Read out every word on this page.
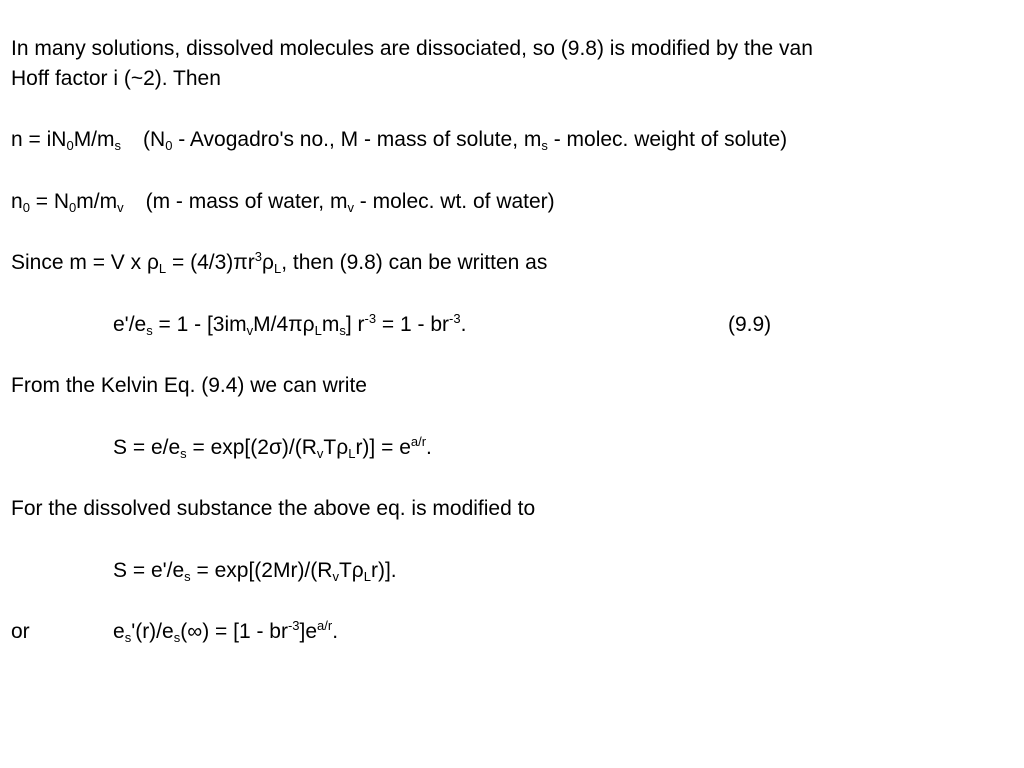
In many solutions, dissolved molecules are dissociated, so (9.8) is modified by the van
Hoff factor i (~2). Then
$n = iN_0M/m_s$ ($N_0$ - Avogadro's no., M - mass of solute, $m_s$ - molec. weight of solute)
$n_0 = N_0m/m_v$ (m - mass of water, $m_v$ - molec. wt. of water)
Since m = V x $\rho_L = (4/3)\pi r^3\rho_L$, then (9.8) can be written as
$e'/e_s = 1 - [3im_vM/4\pi\rho_Lm_s] r^{-3} = 1 - br^{-3}$.	(9.9)
From the Kelvin Eq. (9.4) we can write
$S = e/e_s = \exp[(2\sigma)/(R_vT\rho_Lr)] = e^{a/r}$.
For the dissolved substance the above eq. is modified to
$S = e'/e_s = \exp[(2Mr)/(R_vT\rho_Lr)]$.
or	$e_s'(r)/e_s(\infty) = [1 - br^{-3}]e^{a/r}$.
